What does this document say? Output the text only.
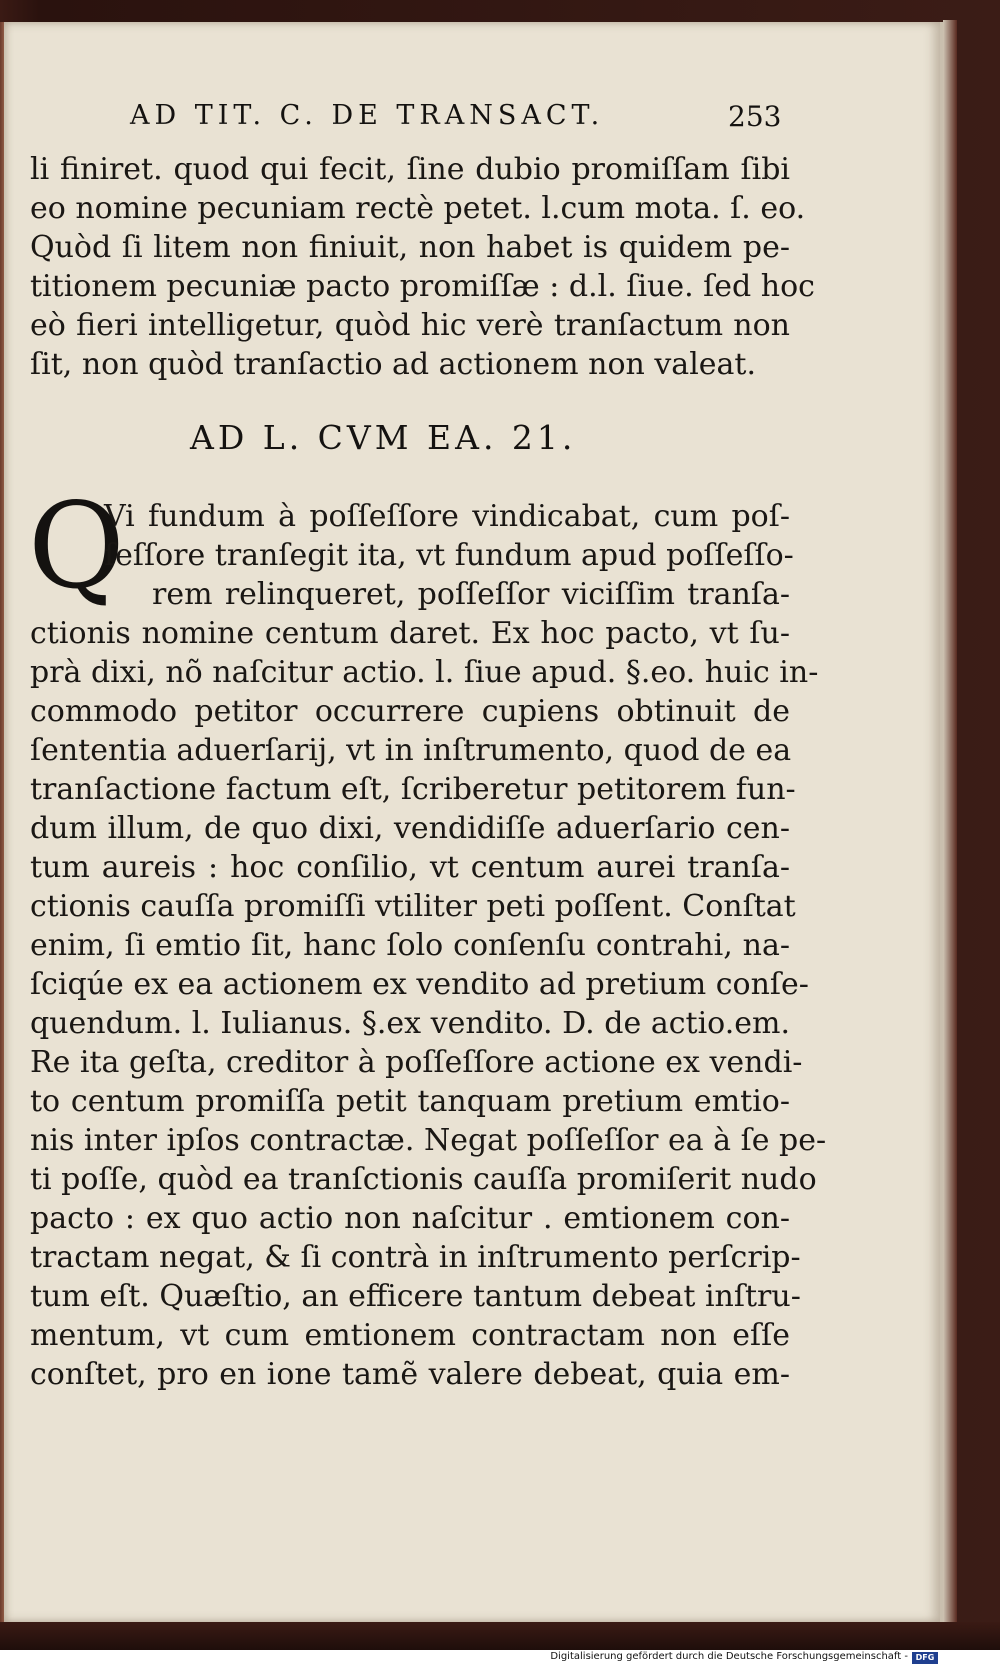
AD TIT. C. DE TRANSACT.	253
li finiret. quod qui fecit, ſine dubio promiſſam ſibi
eo nomine pecuniam rectè petet. l.cum mota. ſ. eo.
Quòd ſi litem non finiuit, non habet is quidem pe-
titionem pecuniæ pacto promiſſæ : d.l. ſiue. ſed hoc
eò fieri intelligetur, quòd hic verè tranſactum non
ſit, non quòd tranſactio ad actionem non valeat.
AD L. CVM EA. 21.
Q
Vi fundum à poſſeſſore vindicabat, cum poſ-
ſeſſore tranſegit ita, vt fundum apud poſſeſſo-
rem relinqueret, poſſeſſor viciſſim tranſa-
ctionis nomine centum daret. Ex hoc pacto, vt ſu-
prà dixi, nõ naſcitur actio. l. ſiue apud. §.eo. huic in-
commodo petitor occurrere cupiens obtinuit de
ſententia aduerſarij, vt in inſtrumento, quod de ea
tranſactione factum eſt, ſcriberetur petitorem fun-
dum illum, de quo dixi, vendidiſſe aduerſario cen-
tum aureis : hoc conſilio, vt centum aurei tranſa-
ctionis cauſſa promiſſi vtiliter peti poſſent. Conſtat
enim, ſi emtio ſit, hanc ſolo conſenſu contrahi, na-
ſciqúe ex ea actionem ex vendito ad pretium conſe-
quendum. l. Iulianus. §.ex vendito. D. de actio.em.
Re ita geſta, creditor à poſſeſſore actione ex vendi-
to centum promiſſa petit tanquam pretium emtio-
nis inter ipſos contractæ. Negat poſſeſſor ea à ſe pe-
ti poſſe, quòd ea tranſctionis cauſſa promiſerit nudo
pacto : ex quo actio non naſcitur . emtionem con-
tractam negat, & ſi contrà in inſtrumento perſcrip-
tum eſt. Quæſtio, an efficere tantum debeat inſtru-
mentum, vt cum emtionem contractam non eſſe
conſtet, pro en ione tamẽ valere debeat, quia em-
Digitalisierung gefördert durch die Deutsche Forschungsgemeinschaft - DFG
